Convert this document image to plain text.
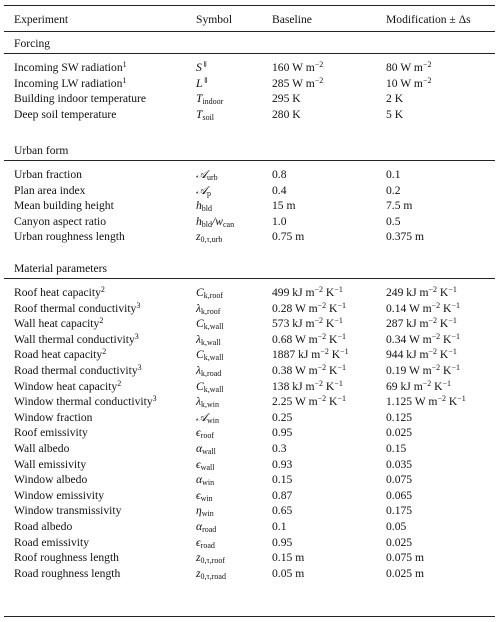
Experiment	Symbol	Baseline	Modification ± Δs
Forcing
Incoming SW radiation$^1$	S⇓	160 W $m^{-2}$	80 W $m^{-2}$
Incoming LW radiation$^1$	L⇓	285 W $m^{-2}$	10 W $m^{-2}$
Building indoor temperature	$T_{indoor}$	295 K	2 K
Deep soil temperature	$T_{soil}$	280 K	5 K
Urban form
Urban fraction	𝒜$_{urb}$	0.8	0.1
Plan area index	𝒜$_p$	0.4	0.2
Mean building height	$h_{bld}$	15 m	7.5 m
Canyon aspect ratio	$h_{bld}/w_{can}$	1.0	0.5
Urban roughness length	$z_{0,\tau,urb}$	0.75 m	0.375 m
Material parameters
Roof heat capacity$^2$	$C_{k,roof}$	499 kJ $m^{-2}$ $K^{-1}$	249 kJ $m^{-2}$ $K^{-1}$
Roof thermal conductivity$^3$	$\lambda_{k,roof}$	0.28 W $m^{-2}$ $K^{-1}$	0.14 W $m^{-2}$ $K^{-1}$
Wall heat capacity$^2$	$C_{k,wall}$	573 kJ $m^{-2}$ $K^{-1}$	287 kJ $m^{-2}$ $K^{-1}$
Wall thermal conductivity$^3$	$\lambda_{k,wall}$	0.68 W $m^{-2}$ $K^{-1}$	0.34 W $m^{-2}$ $K^{-1}$
Road heat capacity$^2$	$C_{k,wall}$	1887 kJ $m^{-2}$ $K^{-1}$	944 kJ $m^{-2}$ $K^{-1}$
Road thermal conductivity$^3$	$\lambda_{k,road}$	0.38 W $m^{-2}$ $K^{-1}$	0.19 W $m^{-2}$ $K^{-1}$
Window heat capacity$^2$	$C_{k,wall}$	138 kJ $m^{-2}$ $K^{-1}$	69 kJ $m^{-2}$ $K^{-1}$
Window thermal conductivity$^3$	$\lambda_{k,win}$	2.25 W $m^{-2}$ $K^{-1}$	1.125 W $m^{-2}$ $K^{-1}$
Window fraction	𝒜$_{win}$	0.25	0.125
Roof emissivity	$\epsilon_{roof}$	0.95	0.025
Wall albedo	$\alpha_{wall}$	0.3	0.15
Wall emissivity	$\epsilon_{wall}$	0.93	0.035
Window albedo	$\alpha_{win}$	0.15	0.075
Window emissivity	$\epsilon_{win}$	0.87	0.065
Window transmissivity	$\eta_{win}$	0.65	0.175
Road albedo	$\alpha_{road}$	0.1	0.05
Road emissivity	$\epsilon_{road}$	0.95	0.025
Roof roughness length	$z_{0,\tau,roof}$	0.15 m	0.075 m
Road roughness length	$z_{0,\tau,road}$	0.05 m	0.025 m
